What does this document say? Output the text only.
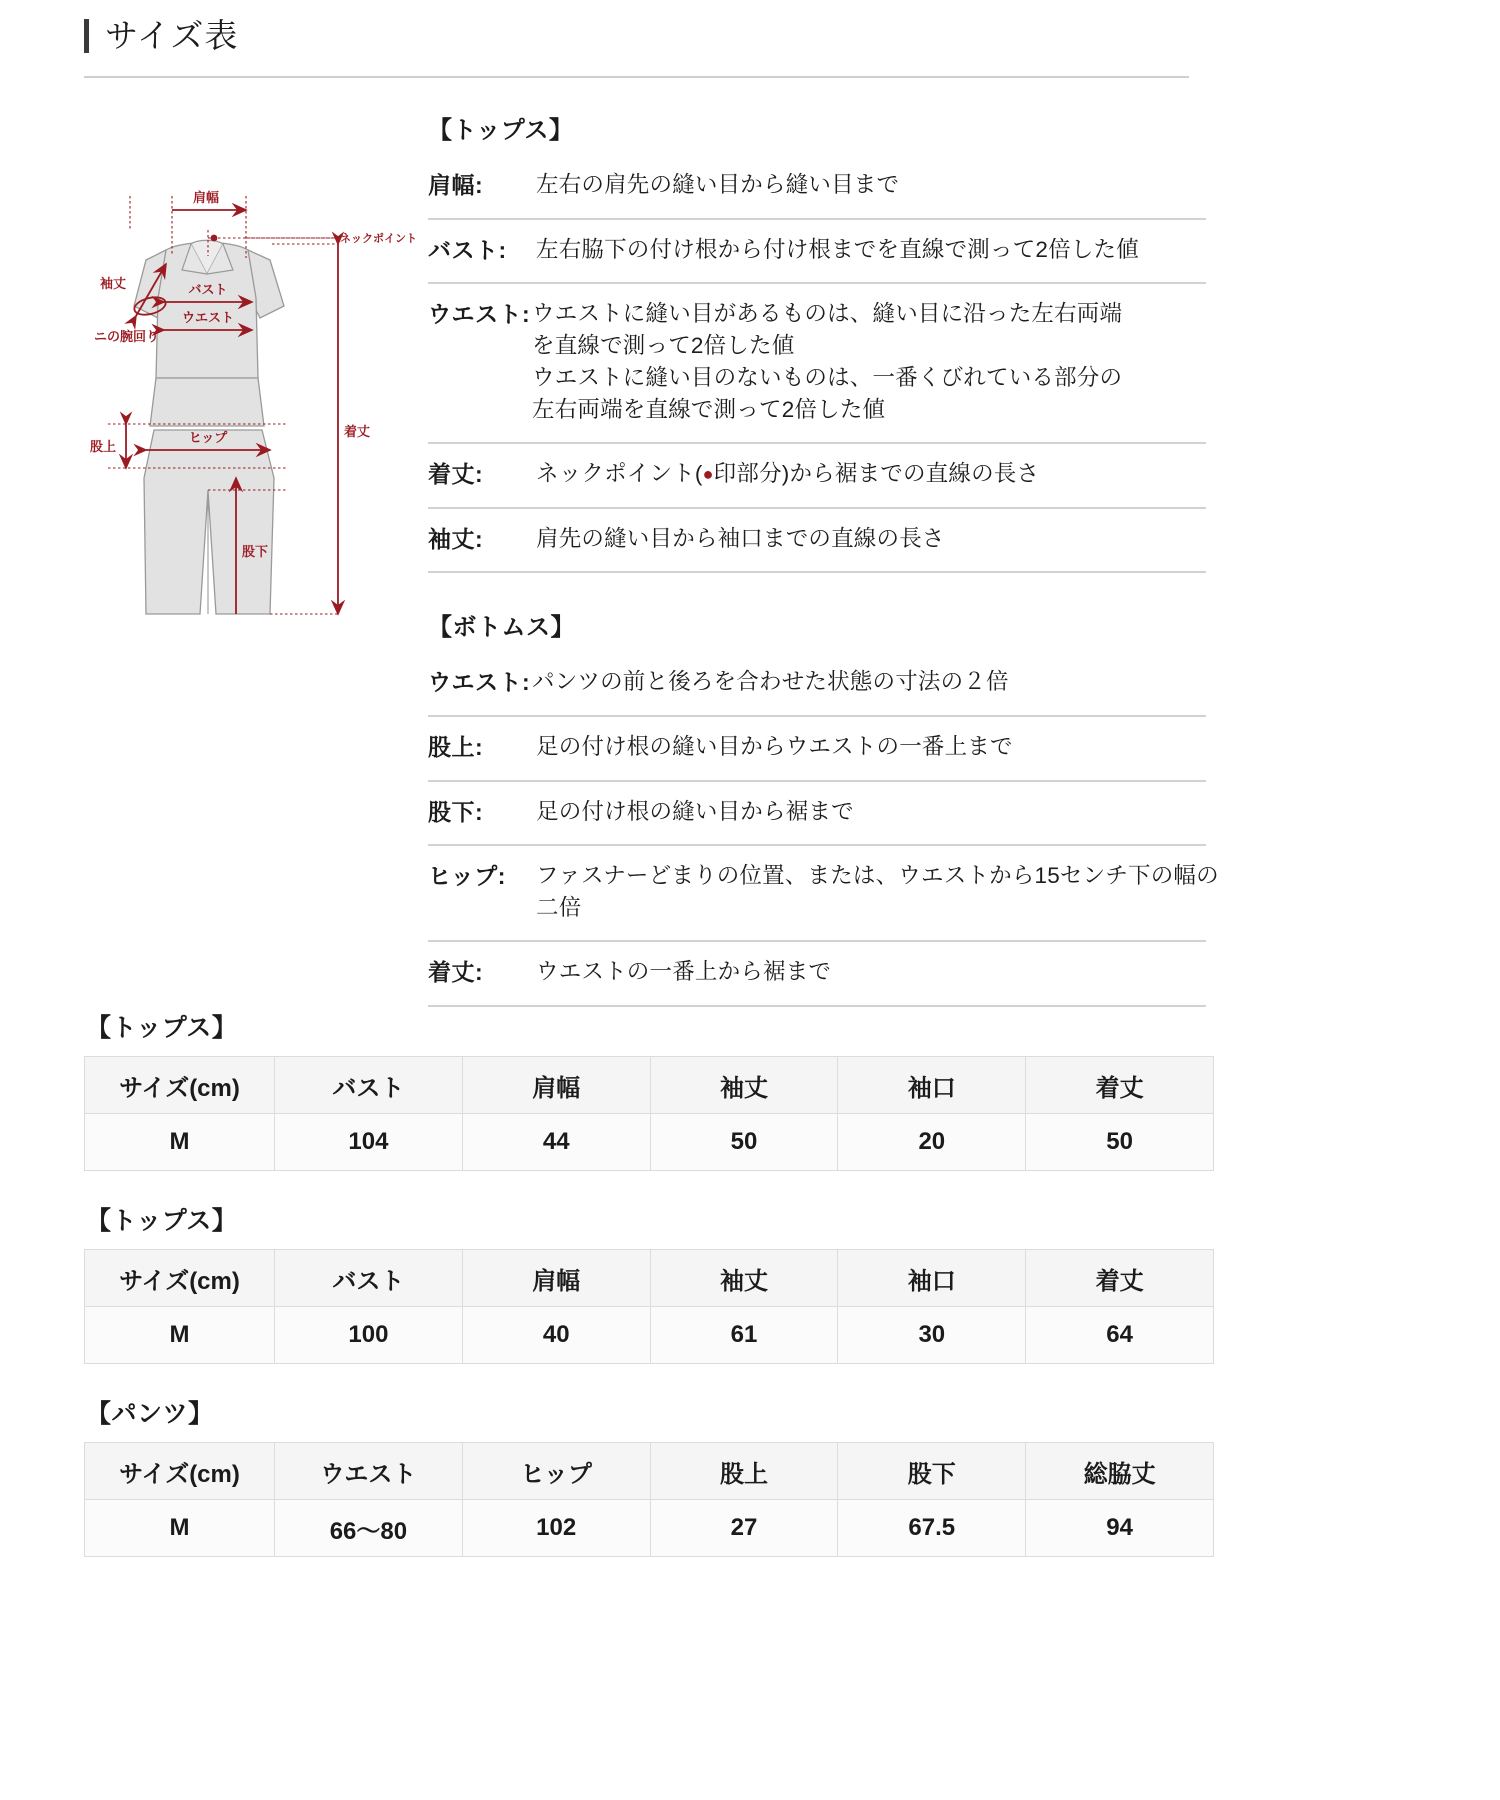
サイズ表
肩幅
ネックポイント
着丈
袖丈	バスト
ウエスト
ニの腕回り
股上
ヒップ
股下
【トップス】
肩幅:	左右の肩先の縫い目から縫い目まで
バスト:	左右脇下の付け根から付け根までを直線で測って2倍した値
ウエスト: ウエストに縫い目があるものは、縫い目に沿った左右両端
を直線で測って2倍した値
ウエストに縫い目のないものは、一番くびれている部分の
左右両端を直線で測って2倍した値
着丈:	ネックポイント(●印部分)から裾までの直線の長さ
袖丈:	肩先の縫い目から袖口までの直線の長さ
【ボトムス】
ウエスト: パンツの前と後ろを合わせた状態の寸法の２倍
股上:	足の付け根の縫い目からウエストの一番上まで
股下:	足の付け根の縫い目から裾まで
ヒップ:	ファスナーどまりの位置、または、ウエストから15センチ下の幅の
二倍
着丈:	ウエストの一番上から裾まで
【トップス】
サイズ(cm)	バスト	肩幅	袖丈	袖口	着丈
M	104	44	50	20	50
【トップス】
サイズ(cm)	バスト	肩幅	袖丈	袖口	着丈
M	100	40	61	30	64
【パンツ】
サイズ(cm)	ウエスト	ヒップ	股上	股下	総脇丈
M	66〜80	102	27	67.5	94
